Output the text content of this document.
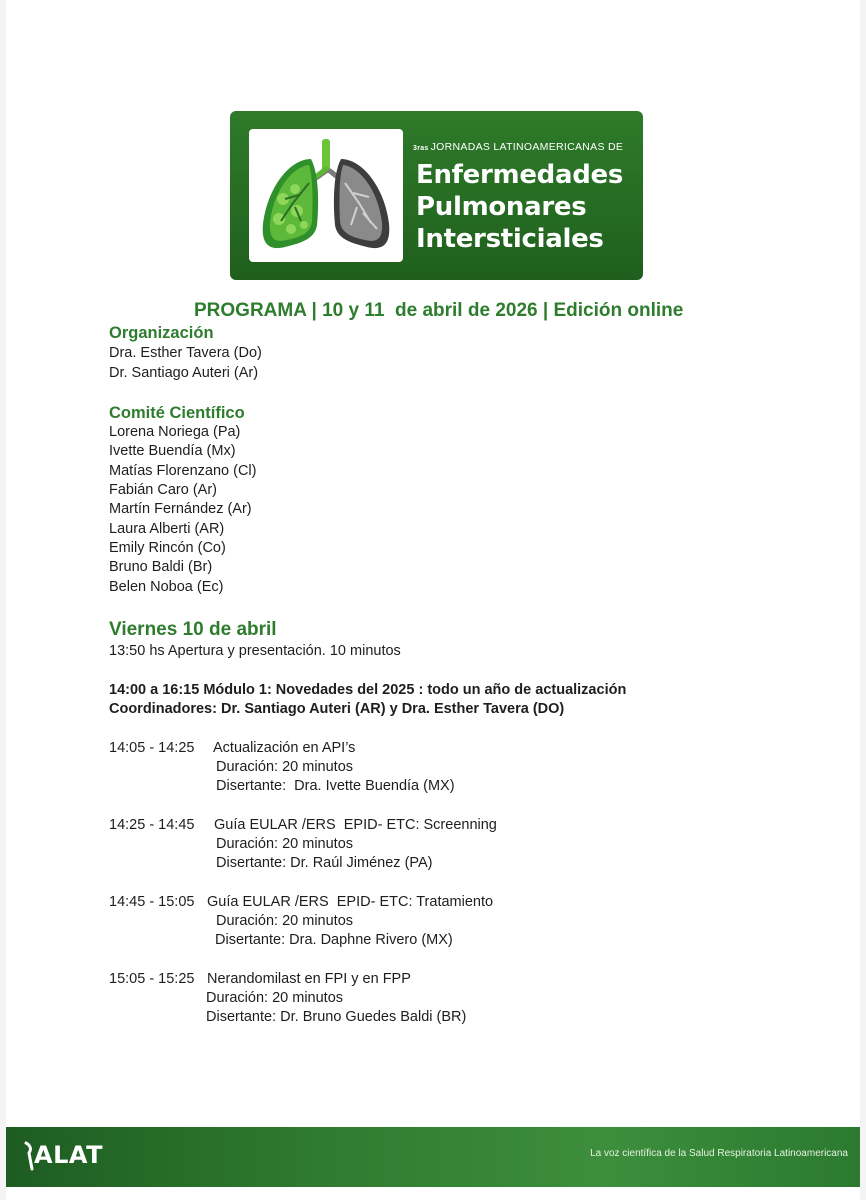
3ras JORNADAS LATINOAMERICANAS DE
Enfermedades
Pulmonares
Intersticiales
PROGRAMA | 10 y 11  de abril de 2026 | Edición online
Organización
Dra. Esther Tavera (Do)
Dr. Santiago Auteri (Ar)
Comité Científico
Lorena Noriega (Pa)
Ivette Buendía (Mx)
Matías Florenzano (Cl)
Fabián Caro (Ar)
Martín Fernández (Ar)
Laura Alberti (AR)
Emily Rincón (Co)
Bruno Baldi (Br)
Belen Noboa (Ec)
Viernes 10 de abril
13:50 hs Apertura y presentación. 10 minutos
14:00 a 16:15 Módulo 1: Novedades del 2025 : todo un año de actualización
Coordinadores: Dr. Santiago Auteri (AR) y Dra. Esther Tavera (DO)
14:05 - 14:25 Actualización en API’s
Duración: 20 minutos
Disertante:  Dra. Ivette Buendía (MX)
14:25 - 14:45 Guía EULAR /ERS  EPID- ETC: Screenning
Duración: 20 minutos
Disertante: Dr. Raúl Jiménez (PA)
14:45 - 15:05 Guía EULAR /ERS  EPID- ETC: Tratamiento
Duración: 20 minutos
Disertante: Dra. Daphne Rivero (MX)
15:05 - 15:25 Nerandomilast en FPI y en FPP
Duración: 20 minutos
Disertante: Dr. Bruno Guedes Baldi (BR)
ALAT	La voz científica de la Salud Respiratoria Latinoamericana
